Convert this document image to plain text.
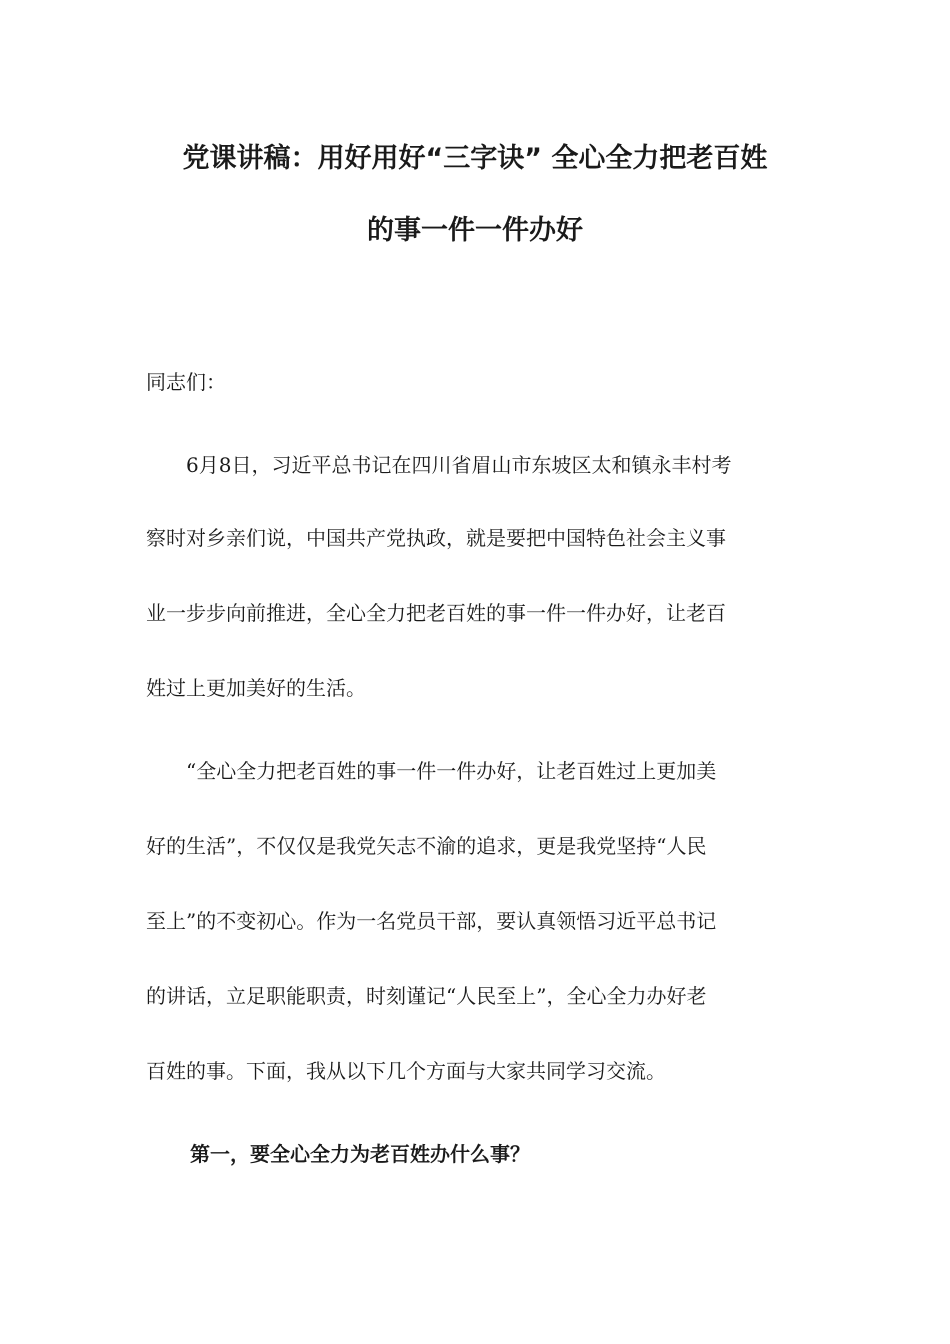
党课讲稿：用好用好“三字诀” 全心全力把老百姓
的事一件一件办好
同志们：
6月8日，习近平总书记在四川省眉山市东坡区太和镇永丰村考
察时对乡亲们说，中国共产党执政，就是要把中国特色社会主义事
业一步步向前推进，全心全力把老百姓的事一件一件办好，让老百
姓过上更加美好的生活。
“全心全力把老百姓的事一件一件办好，让老百姓过上更加美
好的生活”，不仅仅是我党矢志不渝的追求，更是我党坚持“人民
至上”的不变初心。作为一名党员干部，要认真领悟习近平总书记
的讲话，立足职能职责，时刻谨记“人民至上”，全心全力办好老
百姓的事。下面，我从以下几个方面与大家共同学习交流。
第一，要全心全力为老百姓办什么事？
